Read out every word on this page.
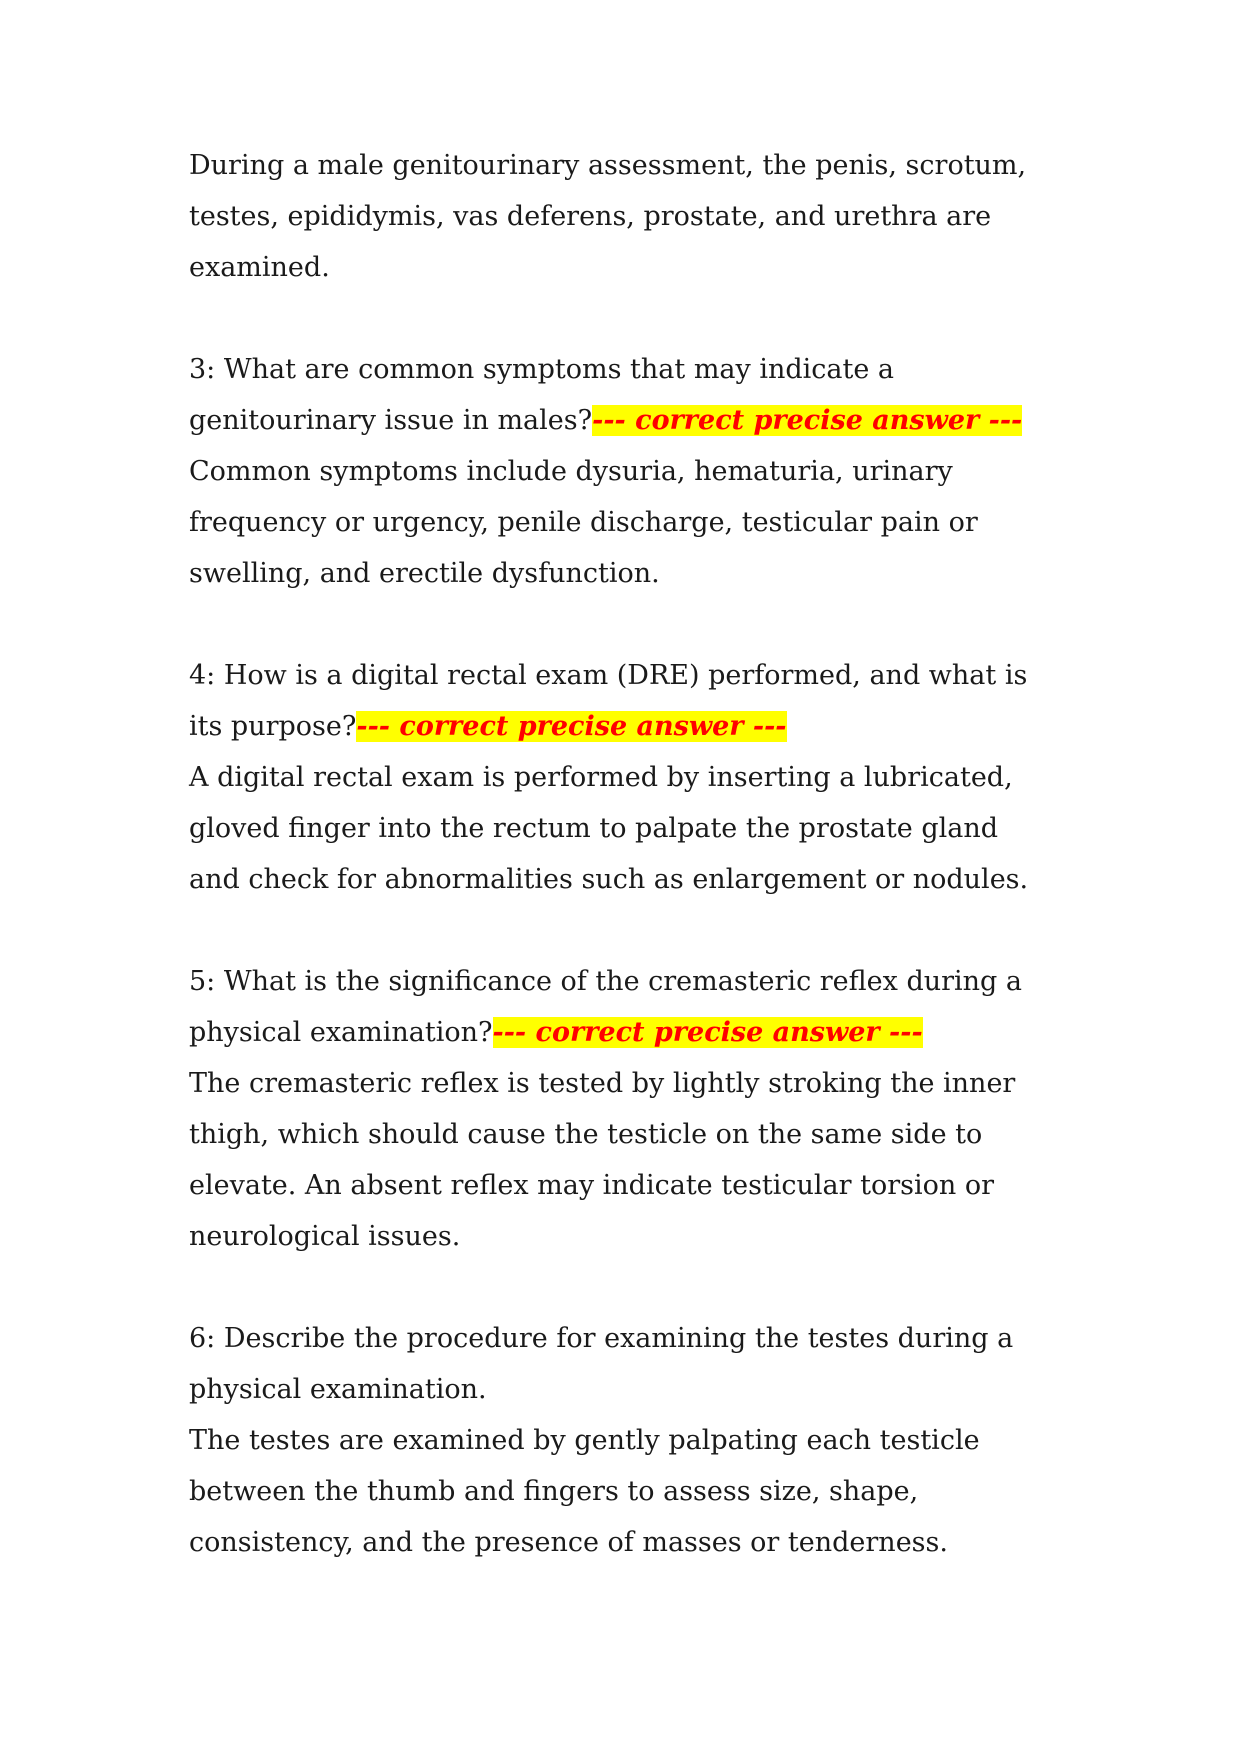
During a male genitourinary assessment, the penis, scrotum,
testes, epididymis, vas deferens, prostate, and urethra are
examined.
3: What are common symptoms that may indicate a
genitourinary issue in males?--- correct precise answer ---
Common symptoms include dysuria, hematuria, urinary
frequency or urgency, penile discharge, testicular pain or
swelling, and erectile dysfunction.
4: How is a digital rectal exam (DRE) performed, and what is
its purpose?--- correct precise answer ---
A digital rectal exam is performed by inserting a lubricated,
gloved finger into the rectum to palpate the prostate gland
and check for abnormalities such as enlargement or nodules.
5: What is the significance of the cremasteric reflex during a
physical examination?--- correct precise answer ---
The cremasteric reflex is tested by lightly stroking the inner
thigh, which should cause the testicle on the same side to
elevate. An absent reflex may indicate testicular torsion or
neurological issues.
6: Describe the procedure for examining the testes during a
physical examination.
The testes are examined by gently palpating each testicle
between the thumb and fingers to assess size, shape,
consistency, and the presence of masses or tenderness.
